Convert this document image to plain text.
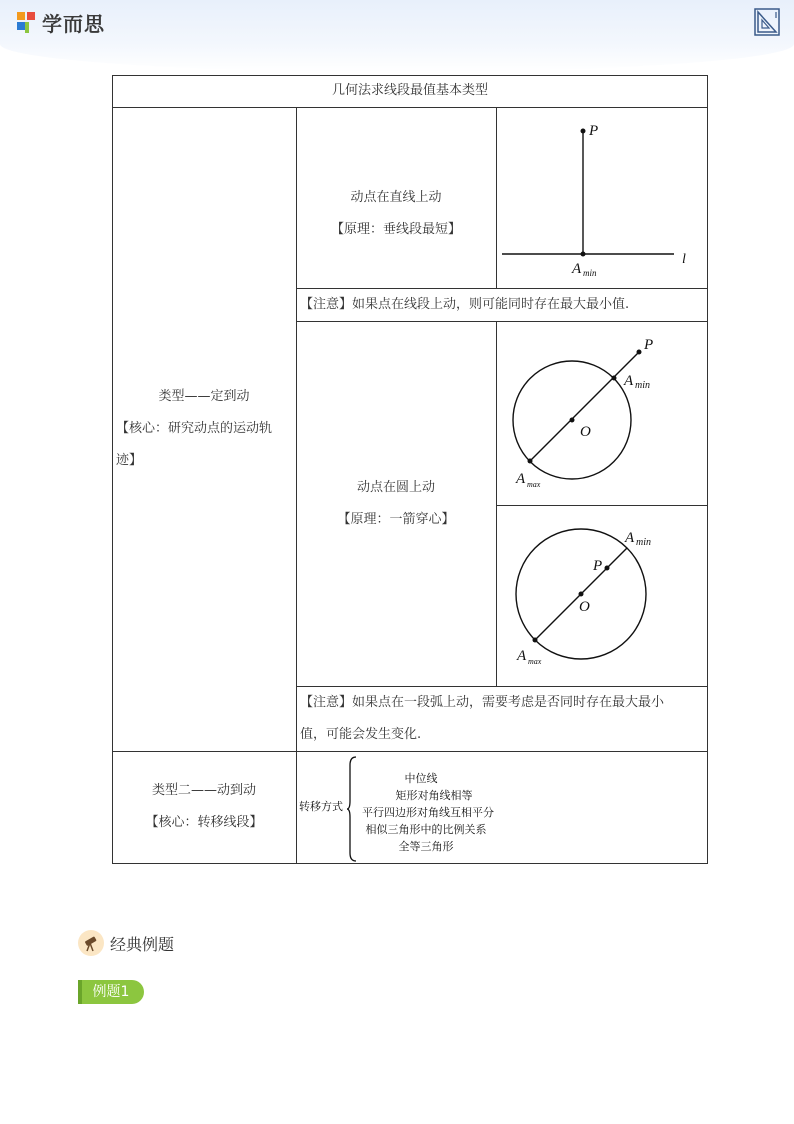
学而思
几何法求线段最值基本类型
类型——定到动
【核心：研究动点的运动轨
迹】
动点在直线上动
【原理：垂线段最短】
P
l
A min
【注意】如果点在线段上动，则可能同时存在最大最小值.
动点在圆上动
【原理：一箭穿心】
P
A min
O
A max
P
A min
O
A max
【注意】如果点在一段弧上动，需要考虑是否同时存在最大最小
值，可能会发生变化.
类型二——动到动
【核心：转移线段】
转移方式
中位线
矩形对角线相等
平行四边形对角线互相平分
相似三角形中的比例关系
全等三角形
经典例题
例题1
